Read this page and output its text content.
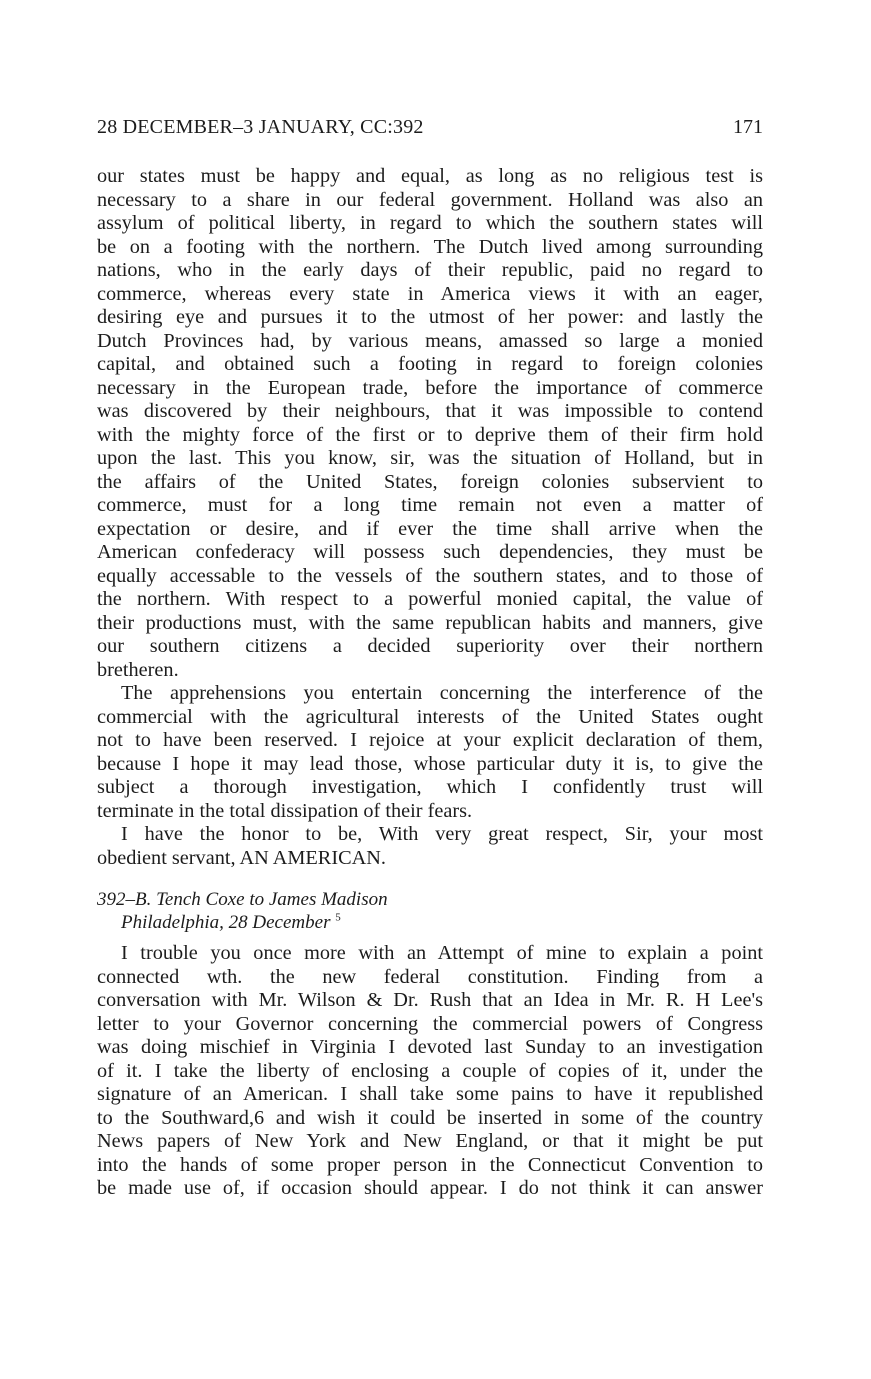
28 DECEMBER–3 JANUARY, CC:392	171
our states must be happy and equal, as long as no religious test is
necessary to a share in our federal government. Holland was also an
assylum of political liberty, in regard to which the southern states will
be on a footing with the northern. The Dutch lived among surrounding
nations, who in the early days of their republic, paid no regard to
commerce, whereas every state in America views it with an eager,
desiring eye and pursues it to the utmost of her power: and lastly the
Dutch Provinces had, by various means, amassed so large a monied
capital, and obtained such a footing in regard to foreign colonies
necessary in the European trade, before the importance of commerce
was discovered by their neighbours, that it was impossible to contend
with the mighty force of the first or to deprive them of their firm hold
upon the last. This you know, sir, was the situation of Holland, but in
the affairs of the United States, foreign colonies subservient to
commerce, must for a long time remain not even a matter of
expectation or desire, and if ever the time shall arrive when the
American confederacy will possess such dependencies, they must be
equally accessable to the vessels of the southern states, and to those of
the northern. With respect to a powerful monied capital, the value of
their productions must, with the same republican habits and manners, give
our southern citizens a decided superiority over their northern
bretheren.
The apprehensions you entertain concerning the interference of the
commercial with the agricultural interests of the United States ought
not to have been reserved. I rejoice at your explicit declaration of them,
because I hope it may lead those, whose particular duty it is, to give the
subject a thorough investigation, which I confidently trust will
terminate in the total dissipation of their fears.
I have the honor to be, With very great respect, Sir, your most
obedient servant, AN AMERICAN.
392–B. Tench Coxe to James Madison
Philadelphia, 28 December $^5$
I trouble you once more with an Attempt of mine to explain a point
connected wth. the new federal constitution. Finding from a
conversation with Mr. Wilson & Dr. Rush that an Idea in Mr. R. H Lee's
letter to your Governor concerning the commercial powers of Congress
was doing mischief in Virginia I devoted last Sunday to an investigation
of it. I take the liberty of enclosing a couple of copies of it, under the
signature of an American. I shall take some pains to have it republished
to the Southward,6 and wish it could be inserted in some of the country
News papers of New York and New England, or that it might be put
into the hands of some proper person in the Connecticut Convention to
be made use of, if occasion should appear. I do not think it can answer
